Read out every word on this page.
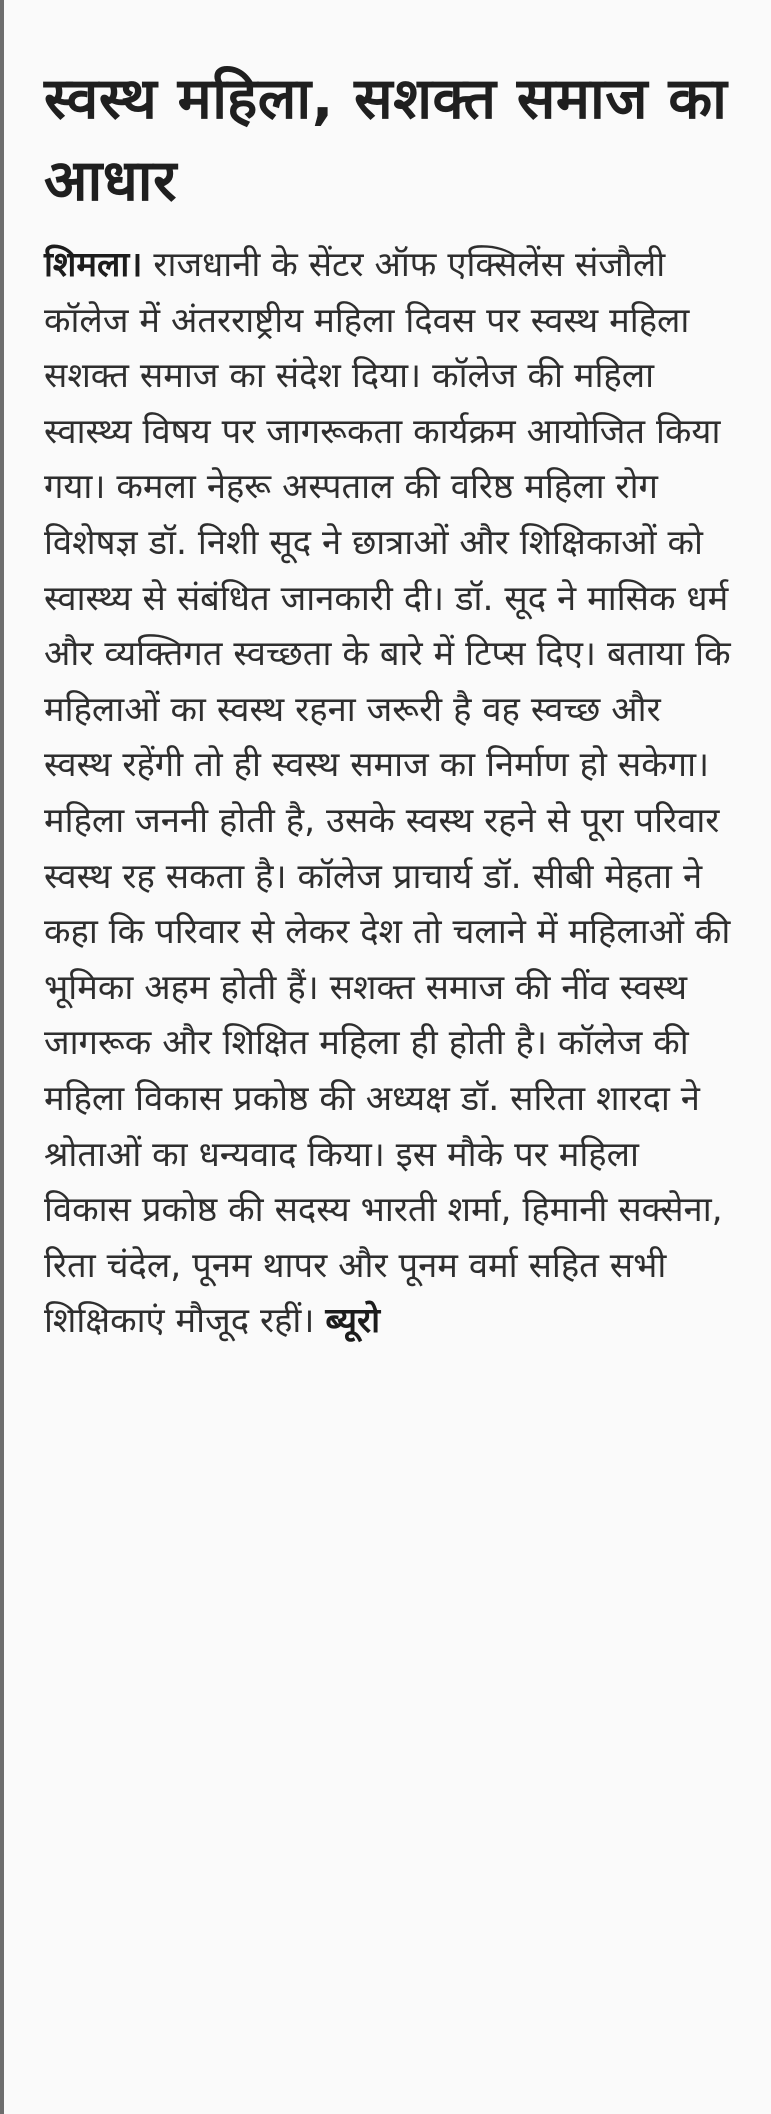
स्वस्थ महिला, सशक्त समाज का आधार

शिमला। राजधानी के सेंटर ऑफ एक्सिलेंस संजौली कॉलेज में अंतरराष्ट्रीय महिला दिवस पर स्वस्थ महिला सशक्त समाज का संदेश दिया। कॉलेज की महिला स्वास्थ्य विषय पर जागरूकता कार्यक्रम आयोजित किया गया। कमला नेहरू अस्पताल की वरिष्ठ महिला रोग विशेषज्ञ डॉ. निशी सूद ने छात्राओं और शिक्षिकाओं को स्वास्थ्य से संबंधित जानकारी दी। डॉ. सूद ने मासिक धर्म और व्यक्तिगत स्वच्छता के बारे में टिप्स दिए। बताया कि महिलाओं का स्वस्थ रहना जरूरी है वह स्वच्छ और स्वस्थ रहेंगी तो ही स्वस्थ समाज का निर्माण हो सकेगा। महिला जननी होती है, उसके स्वस्थ रहने से पूरा परिवार स्वस्थ रह सकता है। कॉलेज प्राचार्य डॉ. सीबी मेहता ने कहा कि परिवार से लेकर देश तो चलाने में महिलाओं की भूमिका अहम होती हैं। सशक्त समाज की नींव स्वस्थ जागरूक और शिक्षित महिला ही होती है। कॉलेज की महिला विकास प्रकोष्ठ की अध्यक्ष डॉ. सरिता शारदा ने श्रोताओं का धन्यवाद किया। इस मौके पर महिला विकास प्रकोष्ठ की सदस्य भारती शर्मा, हिमानी सक्सेना, रिता चंदेल, पूनम थापर और पूनम वर्मा सहित सभी शिक्षिकाएं मौजूद रहीं। ब्यूरो
